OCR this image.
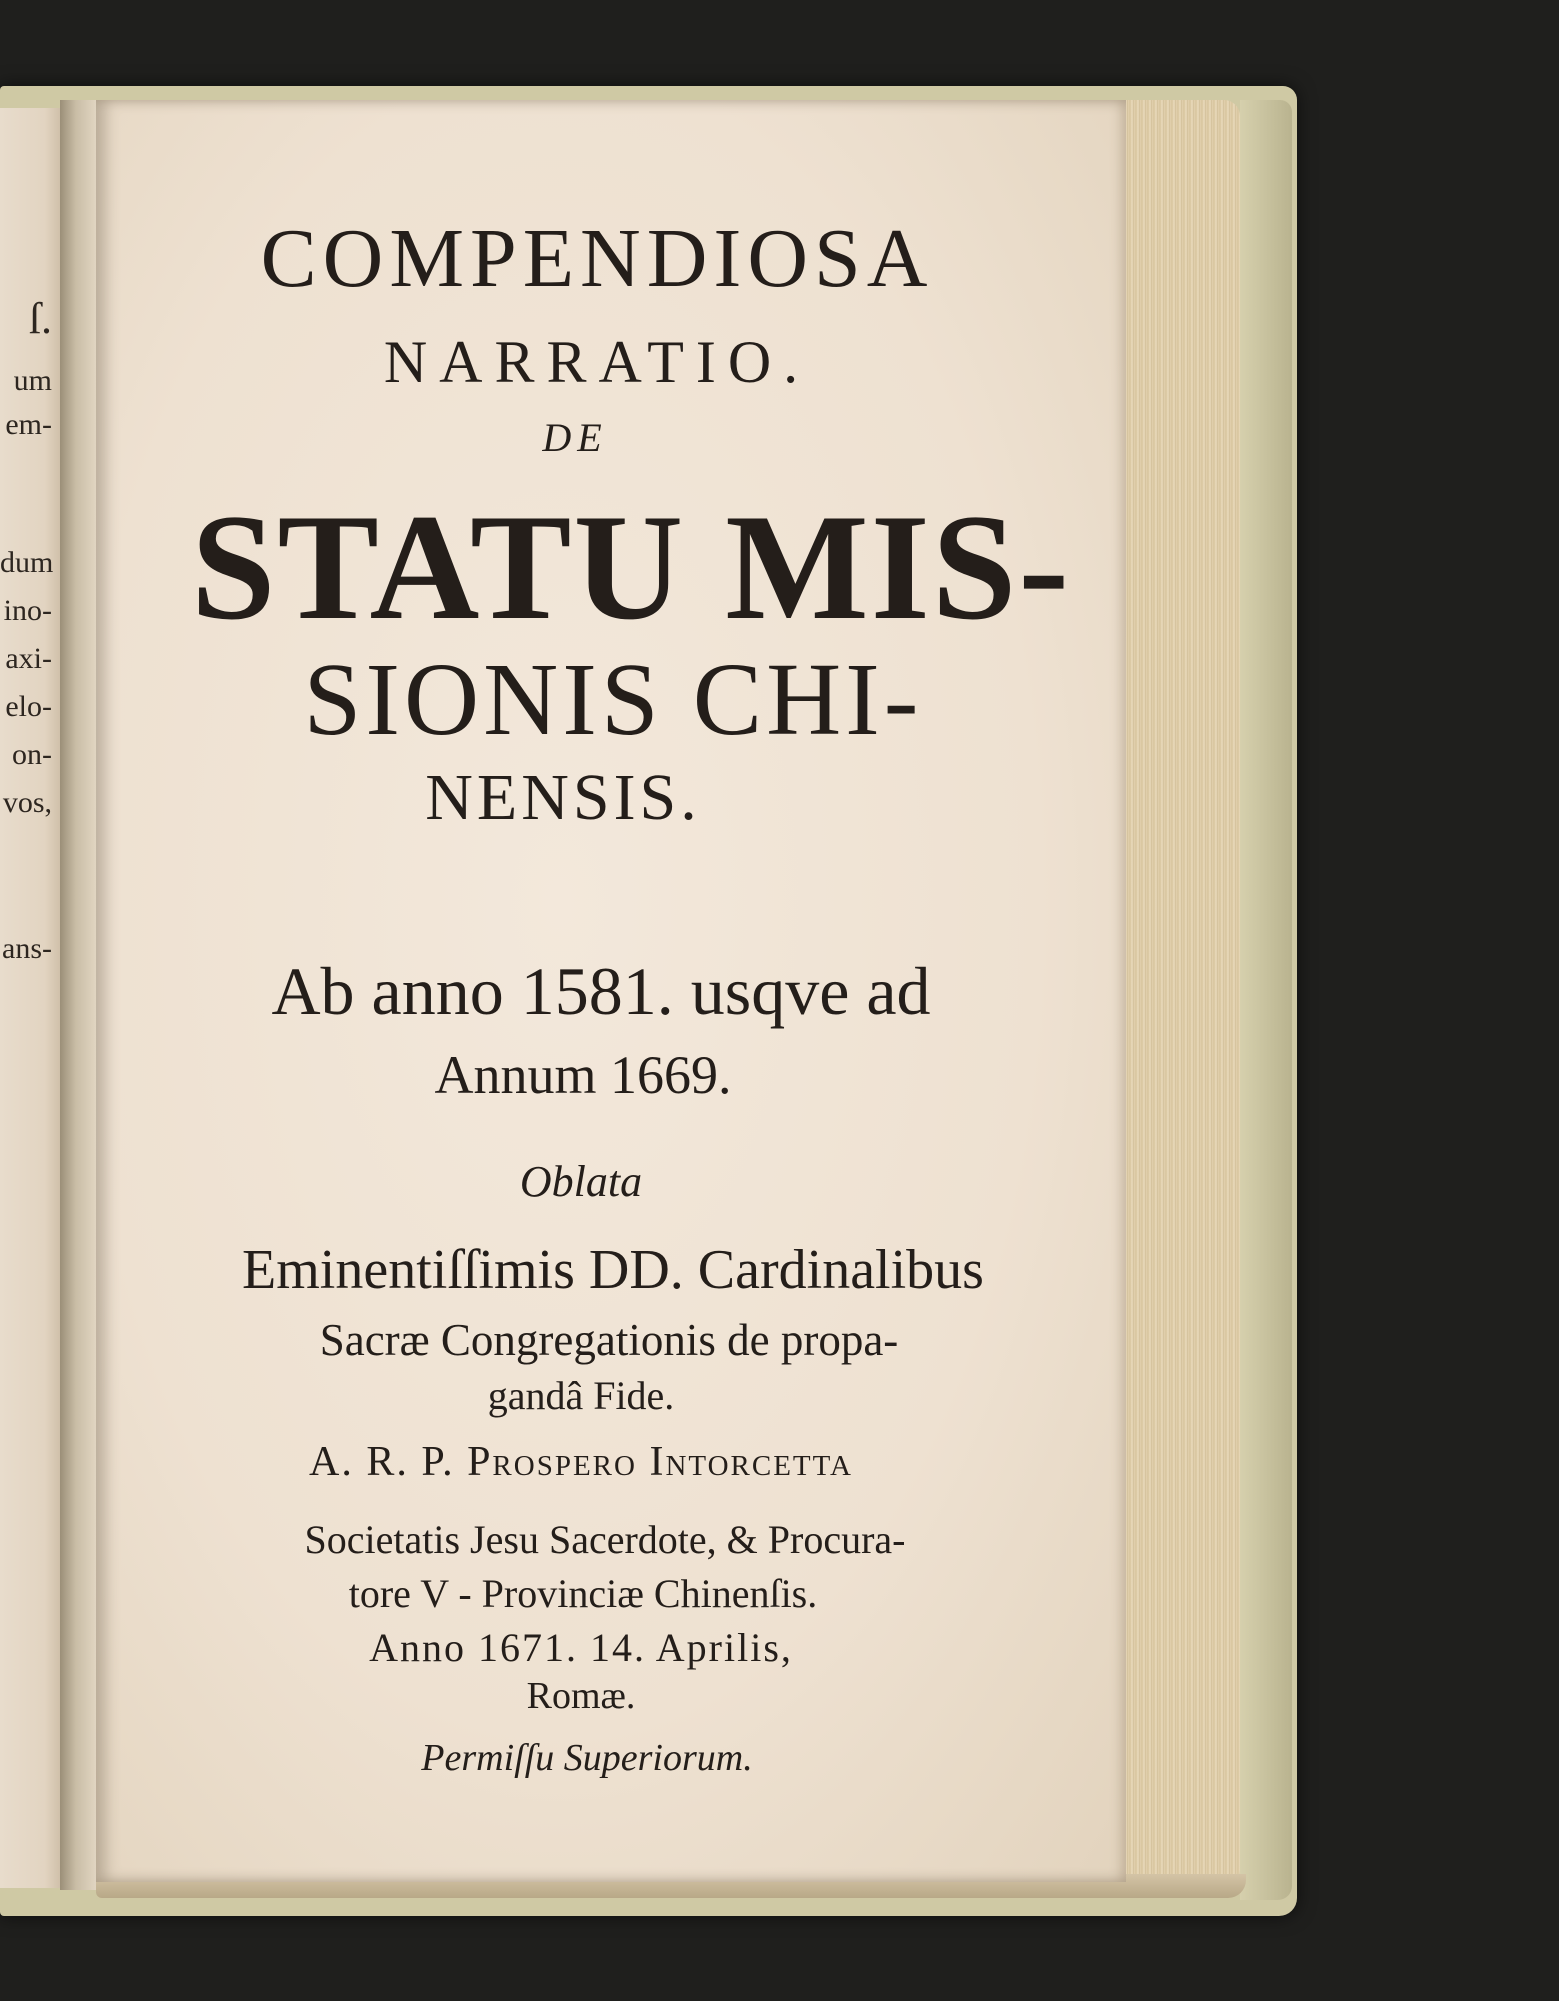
ſ.
um
em-
dum
ino-
axi-
elo-
on-
vos,
ans-
COMPENDIOSA
NARRATIO.
DE
STATU MIS-
SIONIS CHI-
NENSIS.
Ab anno 1581. usqve ad
Annum 1669.
Oblata
Eminentiſſimis DD. Cardinalibus
Sacræ Congregationis de propa-
gandâ Fide.
A. R. P. Prospero Intorcetta
Societatis Jesu Sacerdote, & Procura-
tore V - Provinciæ Chinenſis.
Anno 1671. 14. Aprilis,
Romæ.
Permiſſu Superiorum.
